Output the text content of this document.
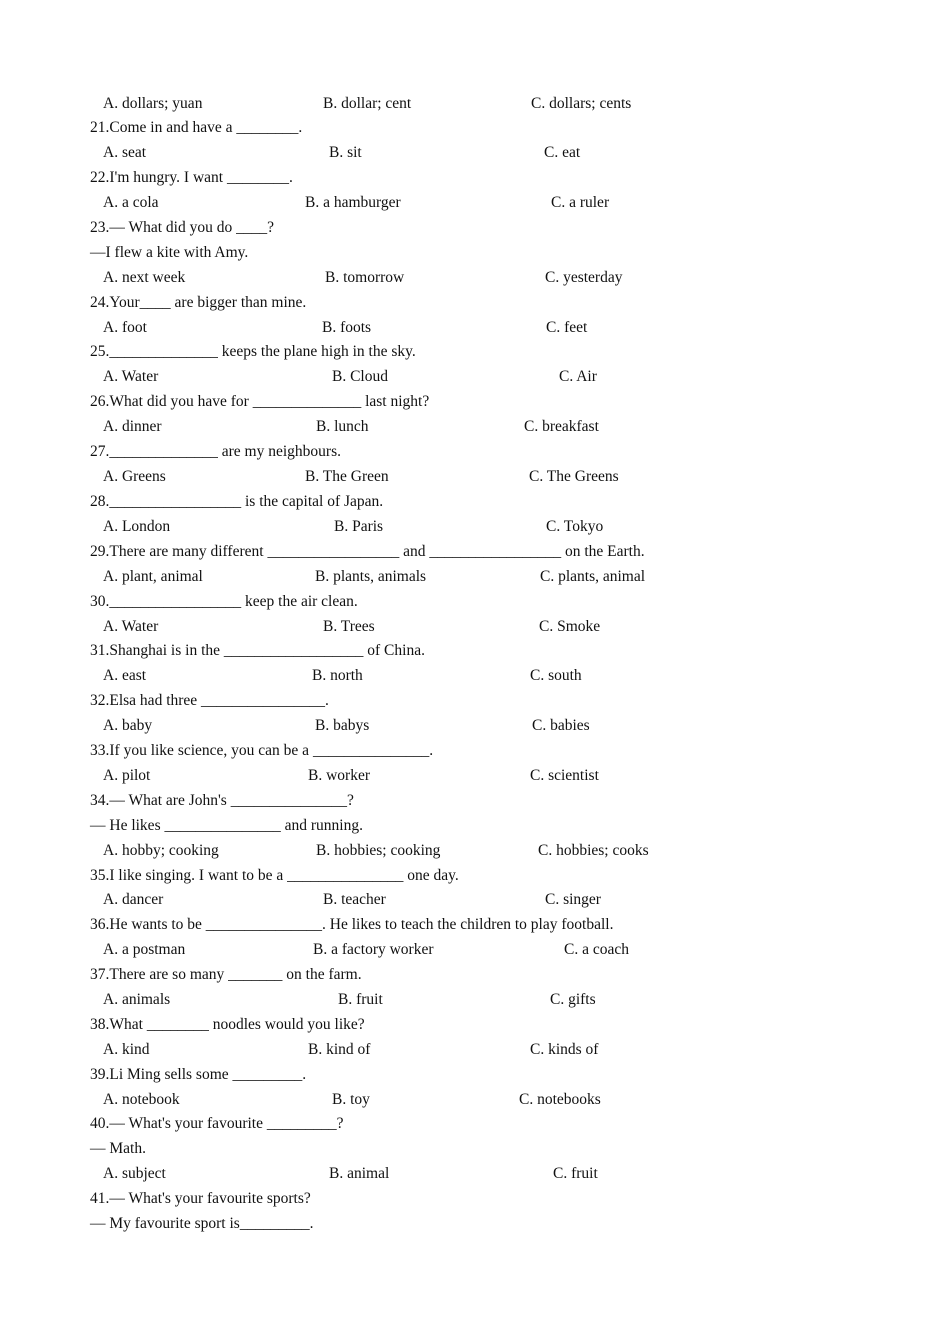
21.Come in and have a ________.
22.I'm hungry. I want ________.
23.— What did you do ____?
—I flew a kite with Amy.
24.Your____ are bigger than mine.
25.______________ keeps the plane high in the sky.
26.What did you have for ______________ last night?
27.______________ are my neighbours.
28._________________ is the capital of Japan.
29.There are many different _________________ and _________________ on the Earth.
30._________________ keep the air clean.
31.Shanghai is in the __________________ of China.
32.Elsa had three ________________.
33.If you like science, you can be a _______________.
34.— What are John's _______________?
— He likes _______________ and running.
35.I like singing. I want to be a _______________ one day.
36.He wants to be _______________. He likes to teach the children to play football.
37.There are so many _______ on the farm.
38.What ________ noodles would you like?
39.Li Ming sells some _________.
40.— What's your favourite _________?
— Math.
41.— What's your favourite sports?
— My favourite sport is_________.
A. dollars; yuan	B. dollar; cent	C. dollars; cents
A. seat	B. sit	C. eat
A. a cola	B. a hamburger	C. a ruler
A. next week	B. tomorrow	C. yesterday
A. foot	B. foots	C. feet
A. Water	B. Cloud	C. Air
A. dinner	B. lunch	C. breakfast
A. Greens	B. The Green	C. The Greens
A. London	B. Paris	C. Tokyo
A. plant, animal	B. plants, animals	C. plants, animal
A. Water	B. Trees	C. Smoke
A. east	B. north	C. south
A. baby	B. babys	C. babies
A. pilot	B. worker	C. scientist
A. hobby; cooking	B. hobbies; cooking	C. hobbies; cooks
A. dancer	B. teacher	C. singer
A. a postman	B. a factory worker	C. a coach
A. animals	B. fruit	C. gifts
A. kind	B. kind of	C. kinds of
A. notebook	B. toy	C. notebooks
A. subject	B. animal	C. fruit
